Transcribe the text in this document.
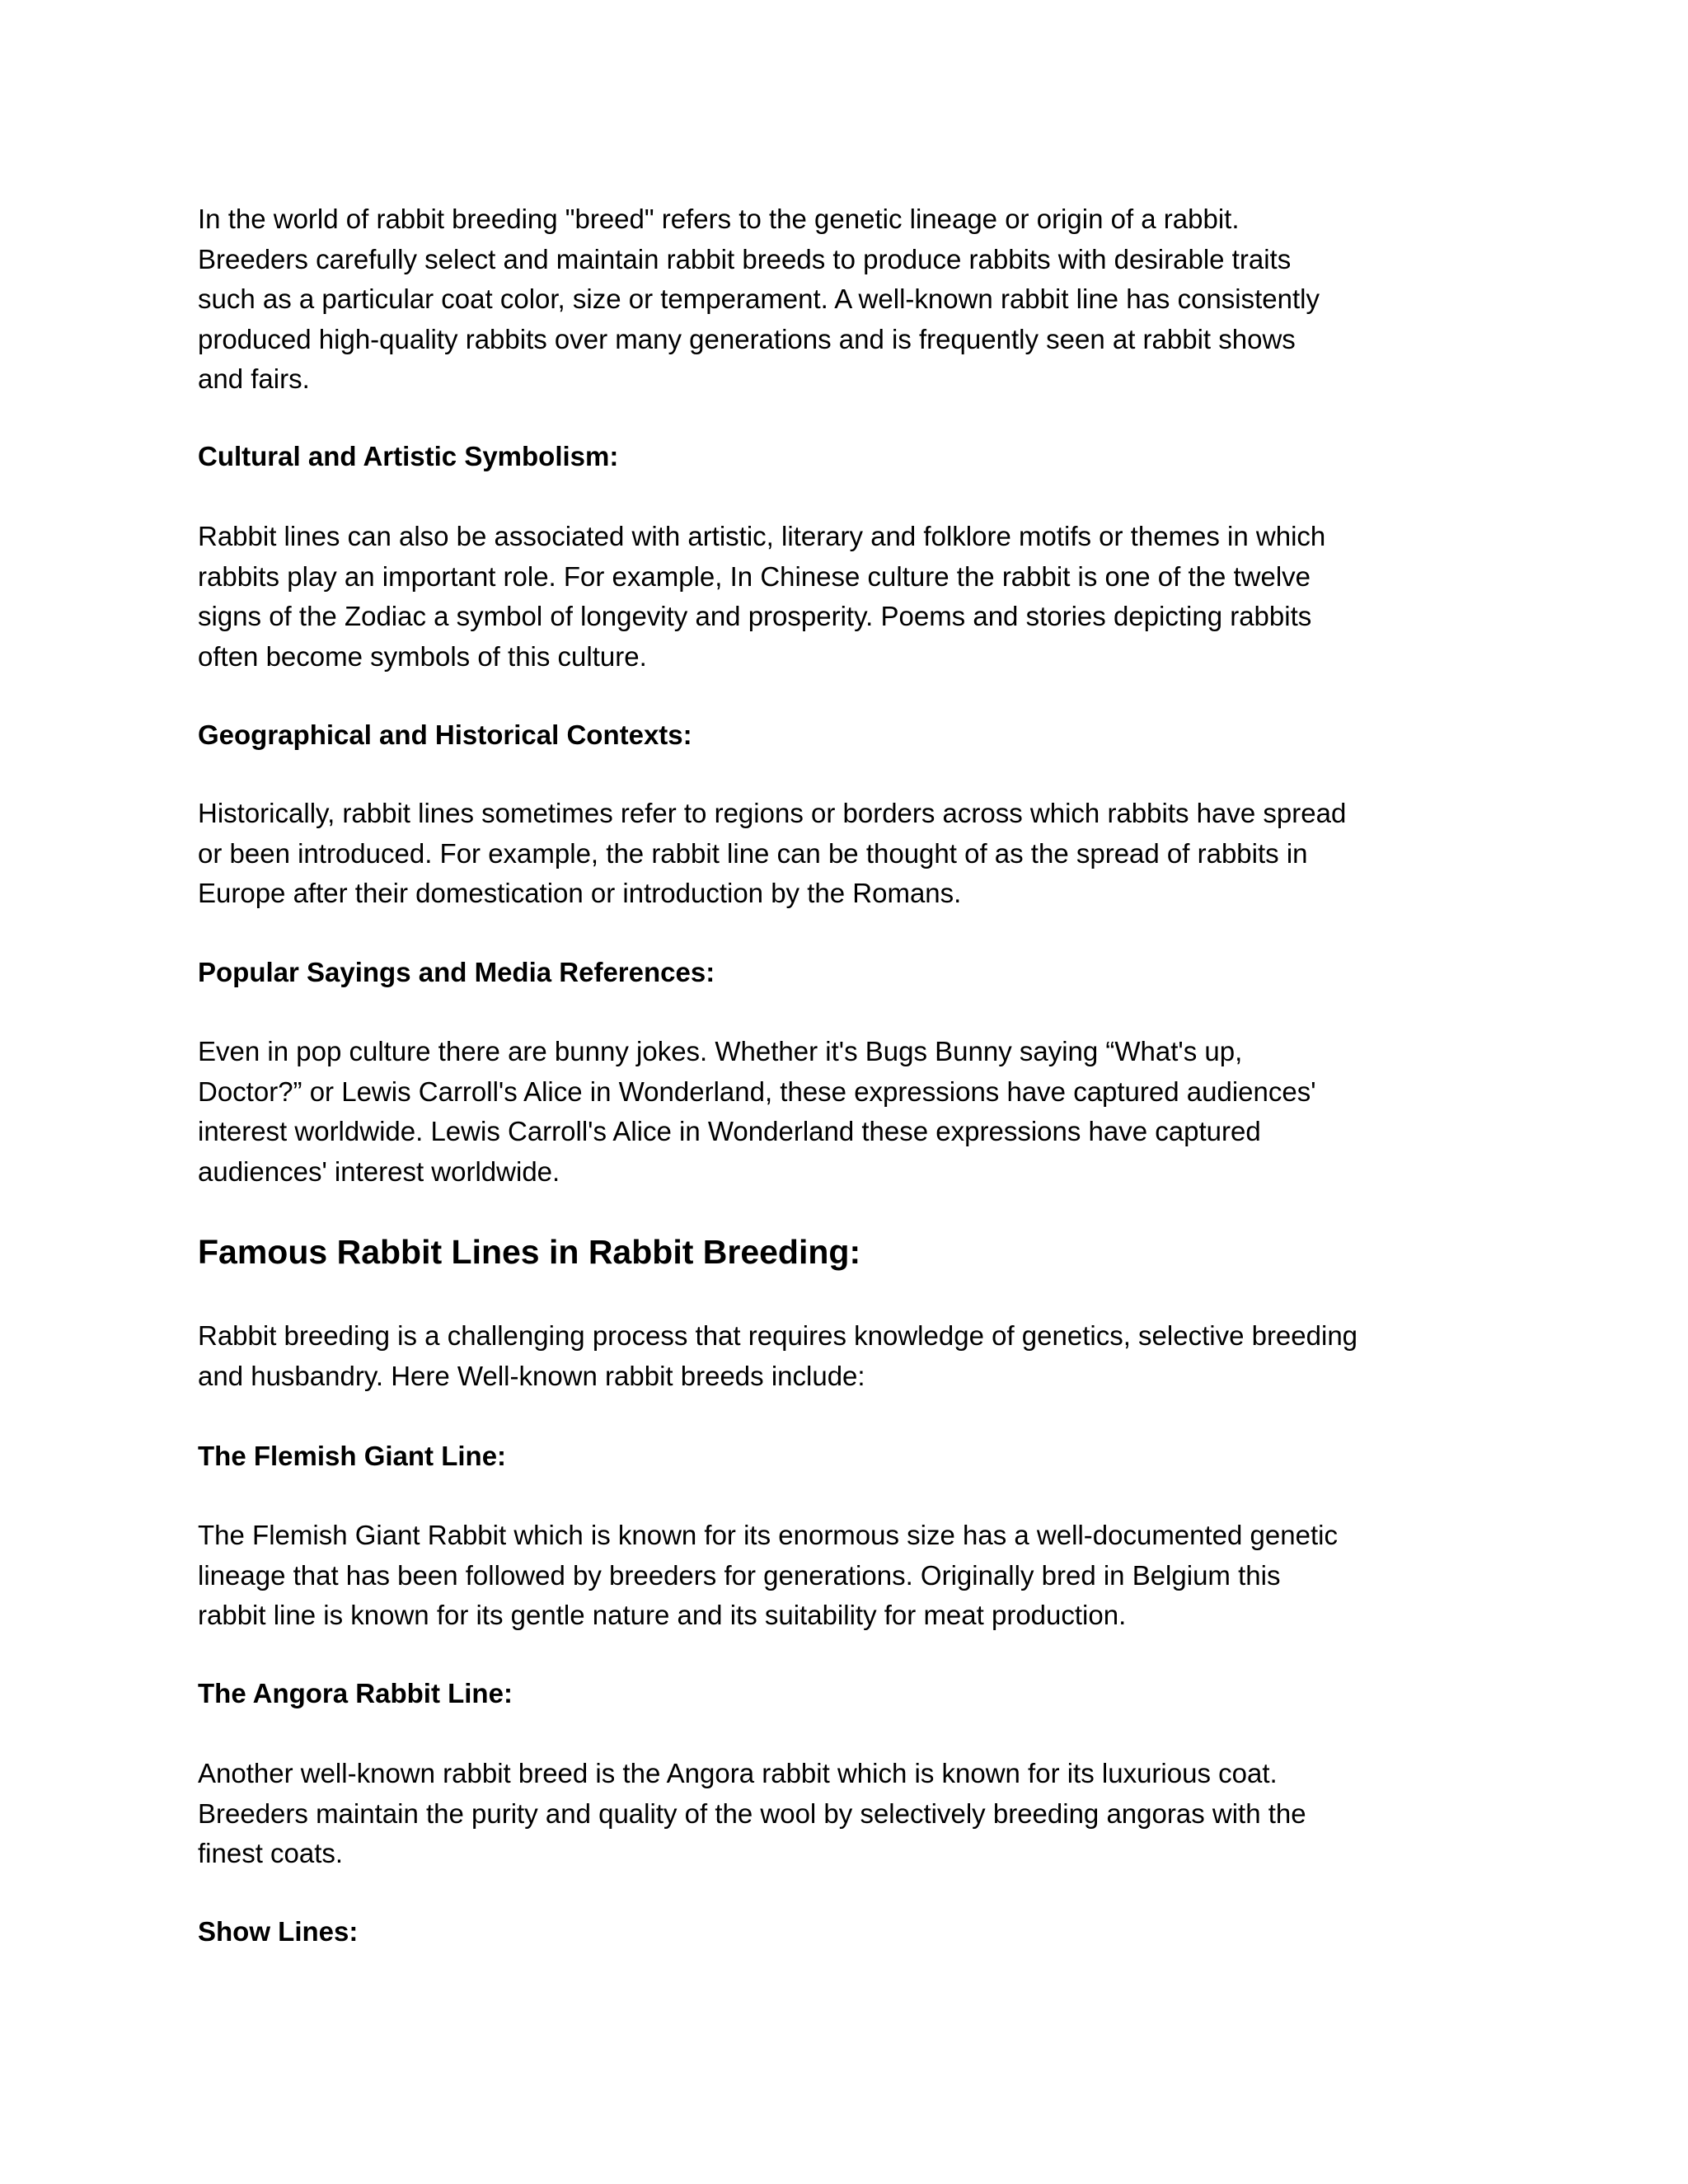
In the world of rabbit breeding "breed" refers to the genetic lineage or origin of a rabbit.
Breeders carefully select and maintain rabbit breeds to produce rabbits with desirable traits
such as a particular coat color, size or temperament. A well-known rabbit line has consistently
produced high-quality rabbits over many generations and is frequently seen at rabbit shows
and fairs.
Cultural and Artistic Symbolism:
Rabbit lines can also be associated with artistic, literary and folklore motifs or themes in which
rabbits play an important role. For example, In Chinese culture the rabbit is one of the twelve
signs of the Zodiac a symbol of longevity and prosperity. Poems and stories depicting rabbits
often become symbols of this culture.
Geographical and Historical Contexts:
Historically, rabbit lines sometimes refer to regions or borders across which rabbits have spread
or been introduced. For example, the rabbit line can be thought of as the spread of rabbits in
Europe after their domestication or introduction by the Romans.
Popular Sayings and Media References:
Even in pop culture there are bunny jokes. Whether it's Bugs Bunny saying “What's up,
Doctor?” or Lewis Carroll's Alice in Wonderland, these expressions have captured audiences'
interest worldwide. Lewis Carroll's Alice in Wonderland these expressions have captured
audiences' interest worldwide.
Famous Rabbit Lines in Rabbit Breeding:
Rabbit breeding is a challenging process that requires knowledge of genetics, selective breeding
and husbandry. Here Well-known rabbit breeds include:
The Flemish Giant Line:
The Flemish Giant Rabbit which is known for its enormous size has a well-documented genetic
lineage that has been followed by breeders for generations. Originally bred in Belgium this
rabbit line is known for its gentle nature and its suitability for meat production.
The Angora Rabbit Line:
Another well-known rabbit breed is the Angora rabbit which is known for its luxurious coat.
Breeders maintain the purity and quality of the wool by selectively breeding angoras with the
finest coats.
Show Lines:
